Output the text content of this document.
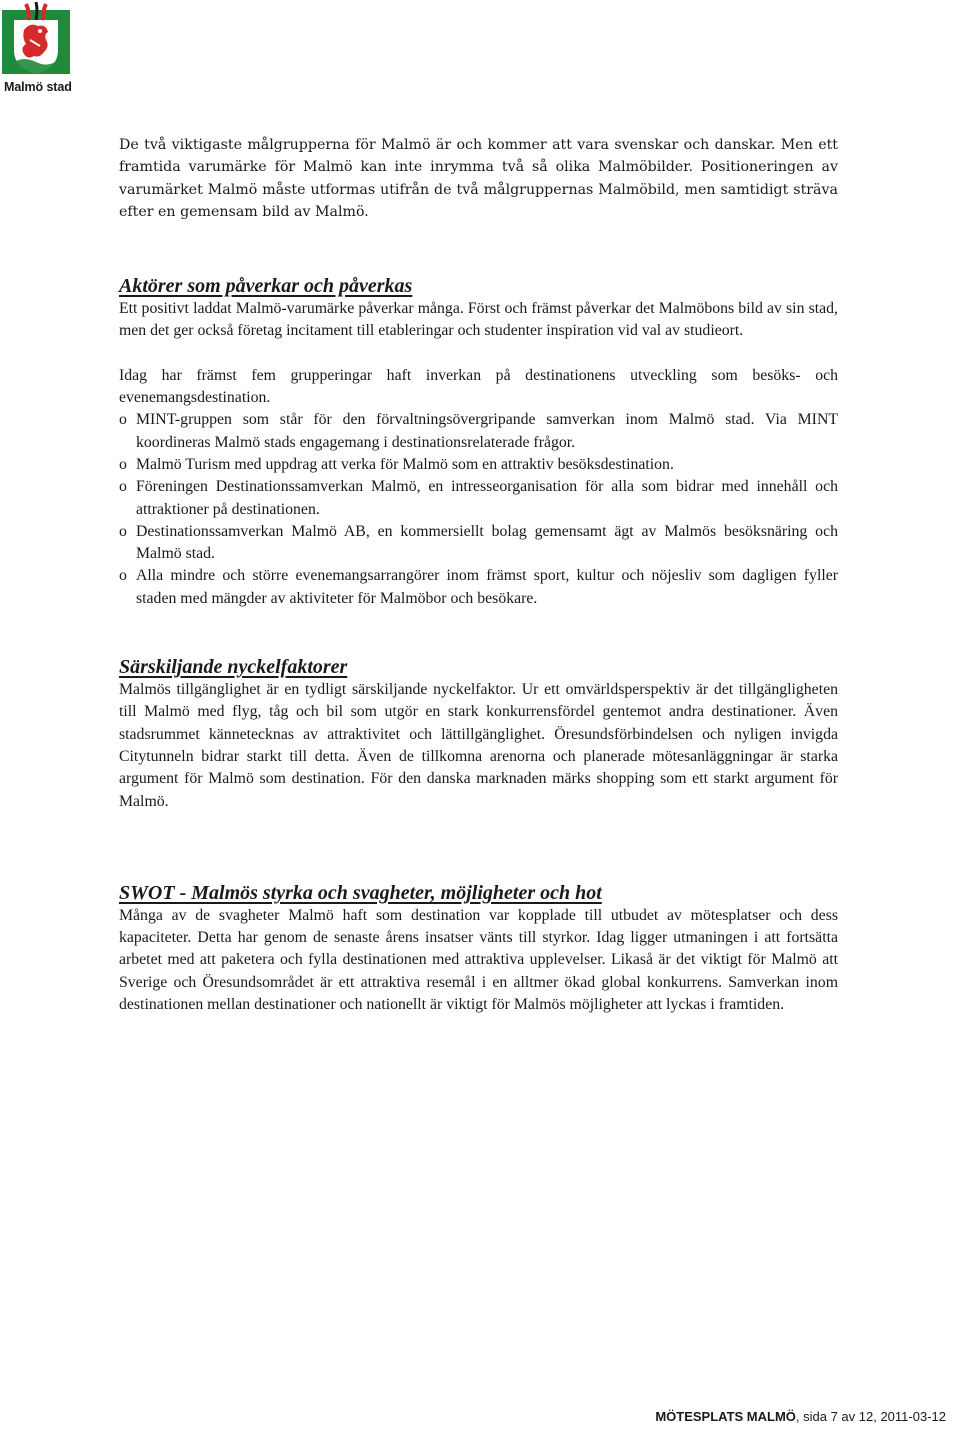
Malmö stad

De två viktigaste målgrupperna för Malmö är och kommer att vara svenskar och danskar. Men ett framtida varumärke för Malmö kan inte inrymma två så olika Malmöbilder. Positioneringen av varumärket Malmö måste utformas utifrån de två målgruppernas Malmöbild, men samtidigt sträva efter en gemensam bild av Malmö.

Aktörer som påverkar och påverkas

Ett positivt laddat Malmö-varumärke påverkar många. Först och främst påverkar det Malmöbons bild av sin stad, men det ger också företag incitament till etableringar och studenter inspiration vid val av studieort.

Idag har främst fem grupperingar haft inverkan på destinationens utveckling som besöks- och evenemangsdestination.

o MINT-gruppen som står för den förvaltningsövergripande samverkan inom Malmö stad. Via MINT koordineras Malmö stads engagemang i destinationsrelaterade frågor.
o Malmö Turism med uppdrag att verka för Malmö som en attraktiv besöksdestination.
o Föreningen Destinationssamverkan Malmö, en intresseorganisation för alla som bidrar med innehåll och attraktioner på destinationen.
o Destinationssamverkan Malmö AB, en kommersiellt bolag gemensamt ägt av Malmös besöksnäring och Malmö stad.
o Alla mindre och större evenemangsarrangörer inom främst sport, kultur och nöjesliv som dagligen fyller staden med mängder av aktiviteter för Malmöbor och besökare.
Särskiljande nyckelfaktorer

Malmös tillgänglighet är en tydligt särskiljande nyckelfaktor. Ur ett omvärldsperspektiv är det tillgängligheten till Malmö med flyg, tåg och bil som utgör en stark konkurrensfördel gentemot andra destinationer. Även stadsrummet kännetecknas av attraktivitet och lättillgänglighet. Öresundsförbindelsen och nyligen invigda Citytunneln bidrar starkt till detta. Även de tillkomna arenorna och planerade mötesanläggningar är starka argument för Malmö som destination. För den danska marknaden märks shopping som ett starkt argument för Malmö.

SWOT - Malmös styrka och svagheter, möjligheter och hot

Många av de svagheter Malmö haft som destination var kopplade till utbudet av mötesplatser och dess kapaciteter. Detta har genom de senaste årens insatser vänts till styrkor. Idag ligger utmaningen i att fortsätta arbetet med att paketera och fylla destinationen med attraktiva upplevelser. Likaså är det viktigt för Malmö att Sverige och Öresundsområdet är ett attraktiva resemål i en alltmer ökad global konkurrens. Samverkan inom destinationen mellan destinationer och nationellt är viktigt för Malmös möjligheter att lyckas i framtiden.

MÖTESPLATS MALMÖ, sida 7 av 12, 2011-03-12
